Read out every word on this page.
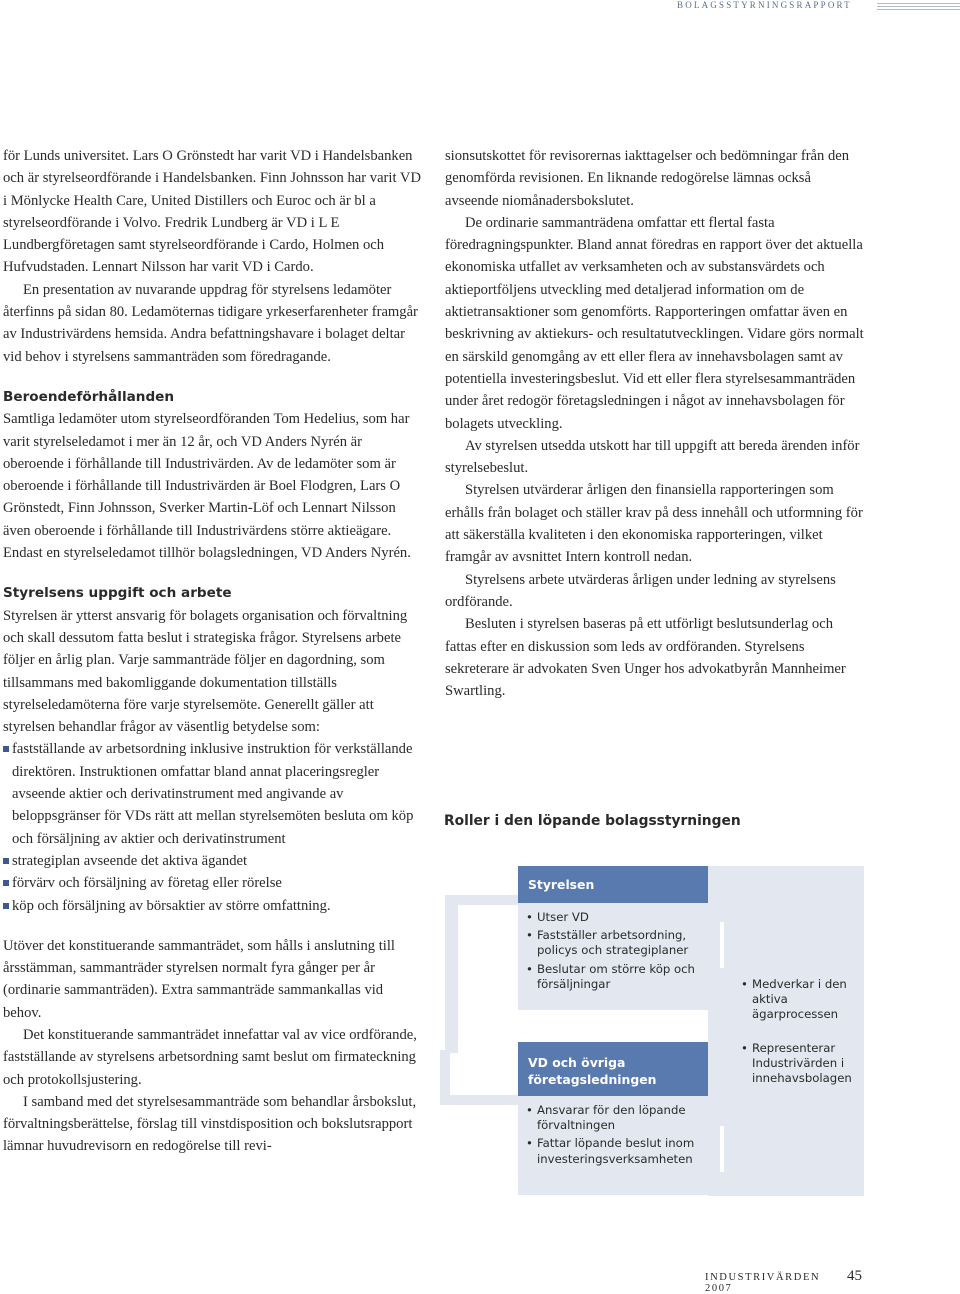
BOLAGSSTYRNINGSRAPPORT

för Lunds universitet. Lars O Grönstedt har varit VD i Handelsbanken och är styrelseordförande i Handelsbanken. Finn Johnsson har varit VD i Mönlycke Health Care, United Distillers och Euroc och är bl a styrelseordförande i Volvo. Fredrik Lundberg är VD i L E Lundbergföretagen samt styrelseordförande i Cardo, Holmen och Hufvudstaden. Lennart Nilsson har varit VD i Cardo.

En presentation av nuvarande uppdrag för styrelsens ledamöter återfinns på sidan 80. Ledamöternas tidigare yrkeserfarenheter framgår av Industrivärdens hemsida. Andra befattningshavare i bolaget deltar vid behov i styrelsens sammanträden som föredragande.

Beroendeförhållanden

Samtliga ledamöter utom styrelseordföranden Tom Hedelius, som har varit styrelseledamot i mer än 12 år, och VD Anders Nyrén är oberoende i förhållande till Industrivärden. Av de ledamöter som är oberoende i förhållande till Industrivärden är Boel Flodgren, Lars O Grönstedt, Finn Johnsson, Sverker Martin-Löf och Lennart Nilsson även oberoende i förhållande till Industrivärdens större aktieägare. Endast en styrelseledamot tillhör bolagsledningen, VD Anders Nyrén.

Styrelsens uppgift och arbete

Styrelsen är ytterst ansvarig för bolagets organisation och förvaltning och skall dessutom fatta beslut i strategiska frågor. Styrelsens arbete följer en årlig plan. Varje sammanträde följer en dagordning, som tillsammans med bakomliggande dokumentation tillställs styrelseledamöterna före varje styrelsemöte. Generellt gäller att styrelsen behandlar frågor av väsentlig betydelse som:

fastställande av arbetsordning inklusive instruktion för verkställande direktören. Instruktionen omfattar bland annat placeringsregler avseende aktier och derivatinstrument med angivande av beloppsgränser för VDs rätt att mellan styrelsemöten besluta om köp och försäljning av aktier och derivatinstrument
strategiplan avseende det aktiva ägandet
förvärv och försäljning av företag eller rörelse
köp och försäljning av börsaktier av större omfattning.

Utöver det konstituerande sammanträdet, som hålls i anslutning till årsstämman, sammanträder styrelsen normalt fyra gånger per år (ordinarie sammanträden). Extra sammanträde sammankallas vid behov.

Det konstituerande sammanträdet innefattar val av vice ordförande, fastställande av styrelsens arbetsordning samt beslut om firmateckning och protokollsjustering.

I samband med det styrelsesammanträde som behandlar årsbokslut, förvaltningsberättelse, förslag till vinstdisposition och bokslutsrapport lämnar huvudrevisorn en redogörelse till revi-

sionsutskottet för revisorernas iakttagelser och bedömningar från den genomförda revisionen. En liknande redogörelse lämnas också avseende niomånadersbokslutet.

De ordinarie sammanträdena omfattar ett flertal fasta föredragningspunkter. Bland annat föredras en rapport över det aktuella ekonomiska utfallet av verksamheten och av substansvärdets och aktieportföljens utveckling med detaljerad information om de aktietransaktioner som genomförts. Rapporteringen omfattar även en beskrivning av aktiekurs- och resultatutvecklingen. Vidare görs normalt en särskild genomgång av ett eller flera av innehavsbolagen samt av potentiella investeringsbeslut. Vid ett eller flera styrelsesammanträden under året redogör företagsledningen i något av innehavsbolagen för bolagets utveckling.

Av styrelsen utsedda utskott har till uppgift att bereda ärenden inför styrelsebeslut.

Styrelsen utvärderar årligen den finansiella rapporteringen som erhålls från bolaget och ställer krav på dess innehåll och utformning för att säkerställa kvaliteten i den ekonomiska rapporteringen, vilket framgår av avsnittet Intern kontroll nedan.

Styrelsens arbete utvärderas årligen under ledning av styrelsens ordförande.

Besluten i styrelsen baseras på ett utförligt beslutsunderlag och fattas efter en diskussion som leds av ordföranden. Styrelsens sekreterare är advokaten Sven Unger hos advokatbyrån Mannheimer Swartling.

Roller i den löpande bolagsstyrningen
Styrelsen
• Utser VD
• Fastställer arbetsordning, policys och strategiplaner
• Beslutar om större köp och försäljningar
VD och övriga företagsledningen
• Ansvarar för den löpande förvaltningen
• Fattar löpande beslut inom investeringsverksamheten
• Medverkar i den aktiva ägarprocessen
• Representerar Industrivärden i innehavsbolagen
INDUSTRIVÄRDEN 2007
45
